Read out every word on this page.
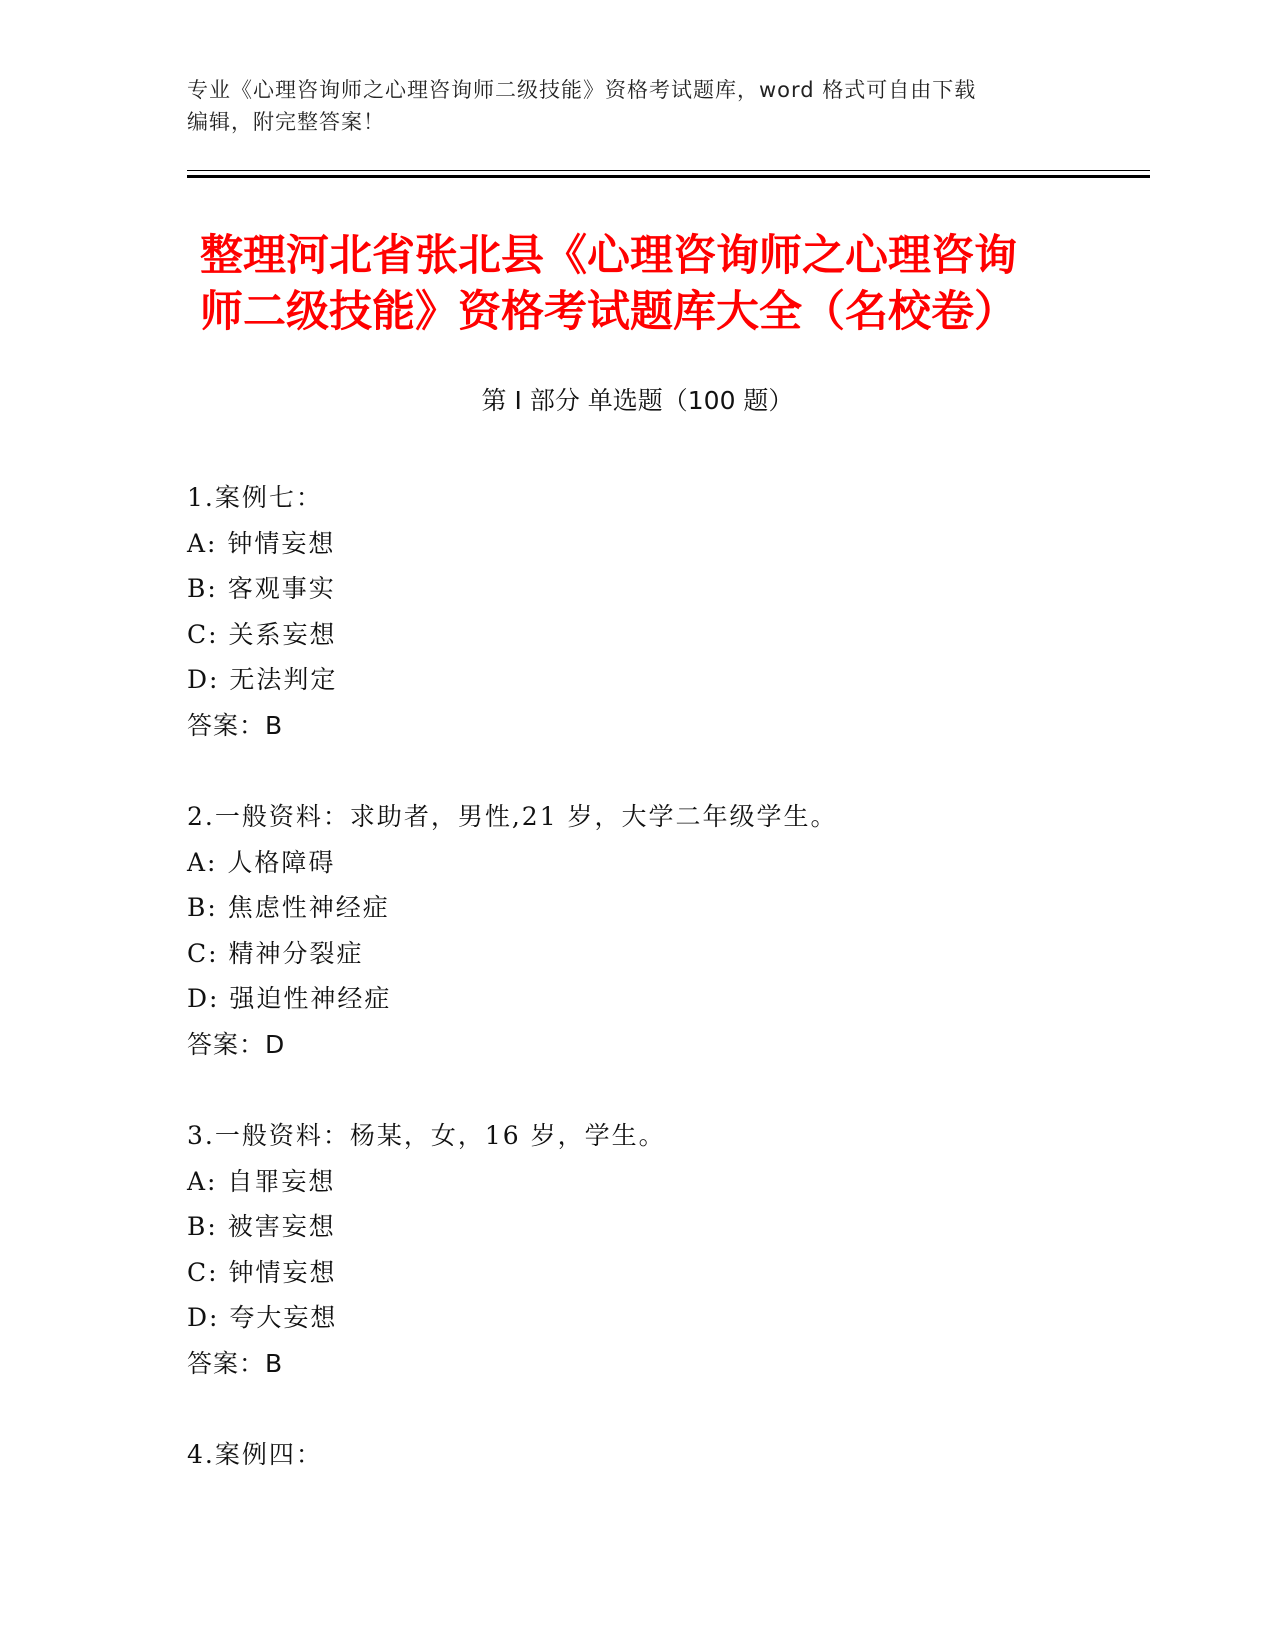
专业《心理咨询师之心理咨询师二级技能》资格考试题库，word 格式可自由下载
编辑，附完整答案！
整理河北省张北县《心理咨询师之心理咨询
师二级技能》资格考试题库大全（名校卷）
第 I 部分 单选题（100 题）
1.案例七：
A: 钟情妄想
B: 客观事实
C: 关系妄想
D: 无法判定
答案：B
2.一般资料：求助者，男性,21 岁，大学二年级学生。
A: 人格障碍
B: 焦虑性神经症
C: 精神分裂症
D: 强迫性神经症
答案：D
3.一般资料：杨某，女，16 岁，学生。
A: 自罪妄想
B: 被害妄想
C: 钟情妄想
D: 夸大妄想
答案：B
4.案例四：
